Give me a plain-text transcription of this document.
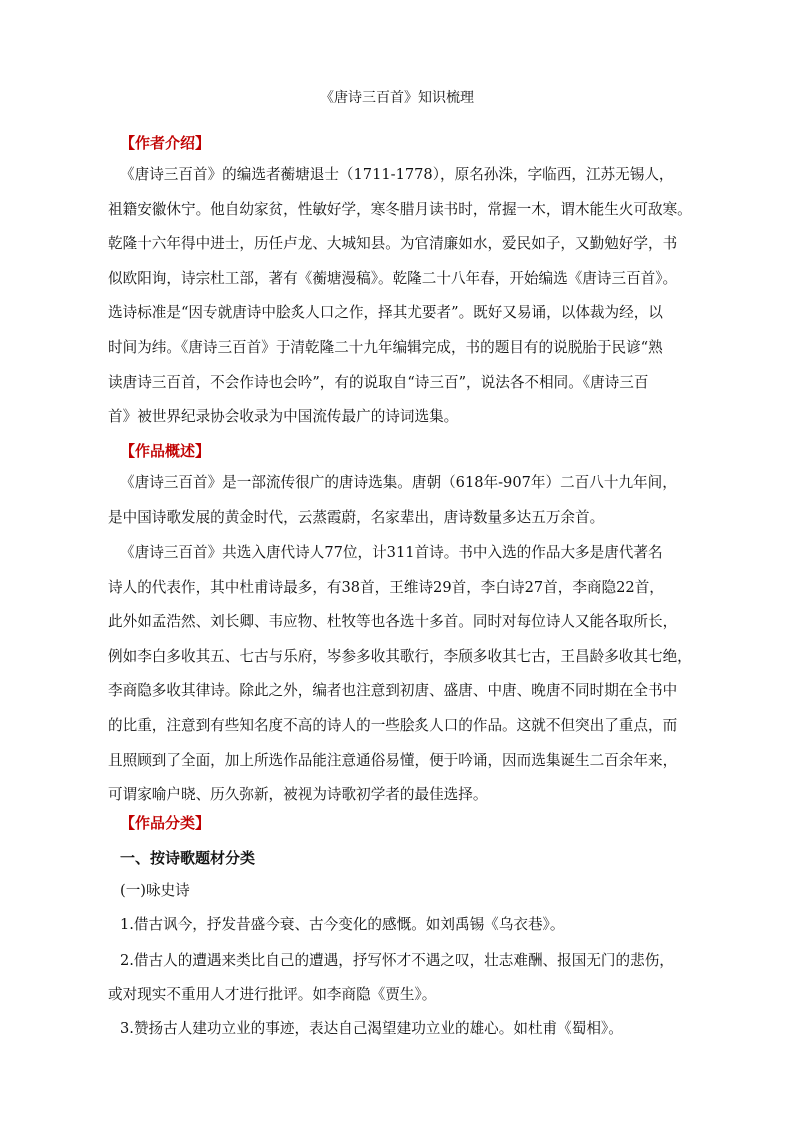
《唐诗三百首》知识梳理
【作者介绍】
《唐诗三百首》的编选者蘅塘退士（1711-1778），原名孙洙，字临西，江苏无锡人，
祖籍安徽休宁。他自幼家贫，性敏好学，寒冬腊月读书时，常握一木，谓木能生火可敌寒。
乾隆十六年得中进士，历任卢龙、大城知县。为官清廉如水，爱民如子，又勤勉好学，书
似欧阳询，诗宗杜工部，著有《蘅塘漫稿》。乾隆二十八年春，开始编选《唐诗三百首》。
选诗标准是“因专就唐诗中脍炙人口之作，择其尤要者”。既好又易诵，以体裁为经，以
时间为纬。《唐诗三百首》于清乾隆二十九年编辑完成，书的题目有的说脱胎于民谚“熟
读唐诗三百首，不会作诗也会吟”，有的说取自“诗三百”，说法各不相同。《唐诗三百
首》被世界纪录协会收录为中国流传最广的诗词选集。
【作品概述】
《唐诗三百首》是一部流传很广的唐诗选集。唐朝（618年-907年）二百八十九年间，
是中国诗歌发展的黄金时代，云蒸霞蔚，名家辈出，唐诗数量多达五万余首。
《唐诗三百首》共选入唐代诗人77位，计311首诗。书中入选的作品大多是唐代著名
诗人的代表作，其中杜甫诗最多，有38首，王维诗29首，李白诗27首，李商隐22首，
此外如孟浩然、刘长卿、韦应物、杜牧等也各选十多首。同时对每位诗人又能各取所长，
例如李白多收其五、七古与乐府，岑参多收其歌行，李颀多收其七古，王昌龄多收其七绝，
李商隐多收其律诗。除此之外，编者也注意到初唐、盛唐、中唐、晚唐不同时期在全书中
的比重，注意到有些知名度不高的诗人的一些脍炙人口的作品。这就不但突出了重点，而
且照顾到了全面，加上所选作品能注意通俗易懂，便于吟诵，因而选集诞生二百余年来，
可谓家喻户晓、历久弥新，被视为诗歌初学者的最佳选择。
【作品分类】
一、按诗歌题材分类
(一)咏史诗
1.借古讽今，抒发昔盛今衰、古今变化的感慨。如刘禹锡《乌衣巷》。
2.借古人的遭遇来类比自己的遭遇，抒写怀才不遇之叹，壮志难酬、报国无门的悲伤，
或对现实不重用人才进行批评。如李商隐《贾生》。
3.赞扬古人建功立业的事迹，表达自己渴望建功立业的雄心。如杜甫《蜀相》。
